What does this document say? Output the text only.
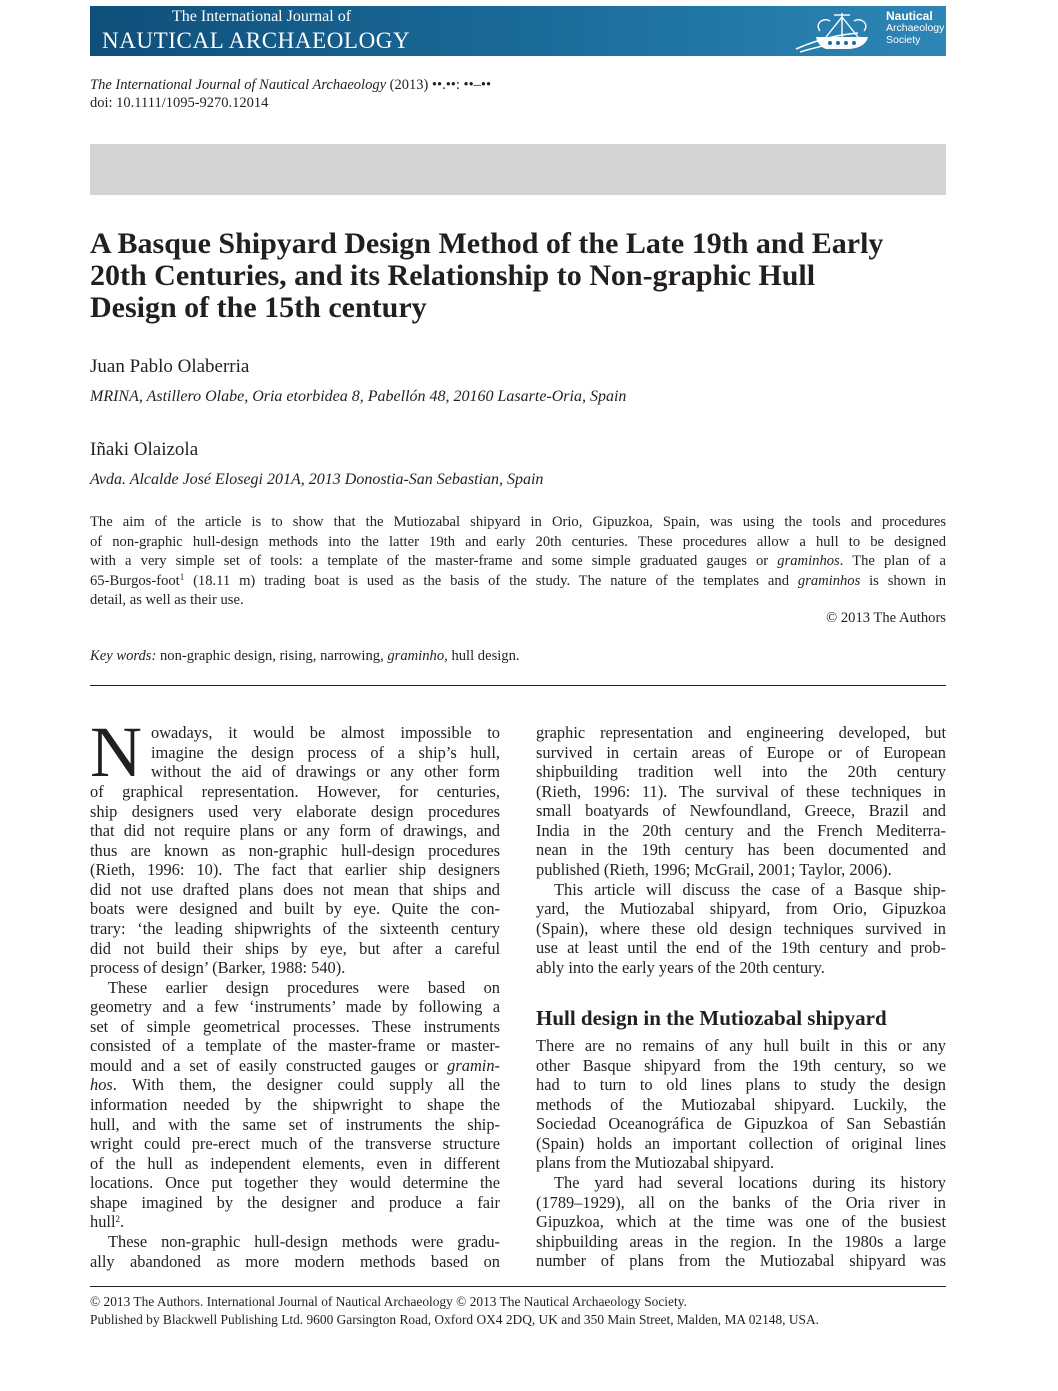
The International Journal of
NAUTICAL ARCHAEOLOGY
Nautical
Archaeology
Society
The International Journal of Nautical Archaeology (2013) ••.••: ••–••
doi: 10.1111/1095-9270.12014
A Basque Shipyard Design Method of the Late 19th and Early
20th Centuries, and its Relationship to Non-graphic Hull
Design of the 15th century
Juan Pablo Olaberria
MRINA, Astillero Olabe, Oria etorbidea 8, Pabellón 48, 20160 Lasarte-Oria, Spain
Iñaki Olaizola
Avda. Alcalde José Elosegi 201A, 2013 Donostia-San Sebastian, Spain
The aim of the article is to show that the Mutiozabal shipyard in Orio, Gipuzkoa, Spain, was using the tools and procedures
of non-graphic hull-design methods into the latter 19th and early 20th centuries. These procedures allow a hull to be designed
with a very simple set of tools: a template of the master-frame and some simple graduated gauges or graminhos. The plan of a
65-Burgos-foot$^1$ (18.11 m) trading boat is used as the basis of the study. The nature of the templates and graminhos is shown in
detail, as well as their use.
© 2013 The Authors
Key words: non-graphic design, rising, narrowing, graminho, hull design.
N owadays, it would be almost impossible to
imagine the design process of a ship’s hull,
without the aid of drawings or any other form
of graphical representation. However, for centuries,
ship designers used very elaborate design procedures
that did not require plans or any form of drawings, and
thus are known as non-graphic hull-design procedures
(Rieth, 1996: 10). The fact that earlier ship designers
did not use drafted plans does not mean that ships and
boats were designed and built by eye. Quite the con-
trary: ‘the leading shipwrights of the sixteenth century
did not build their ships by eye, but after a careful
process of design’ (Barker, 1988: 540).
These earlier design procedures were based on
geometry and a few ‘instruments’ made by following a
set of simple geometrical processes. These instruments
consisted of a template of the master-frame or master-
mould and a set of easily constructed gauges or gramin-
hos. With them, the designer could supply all the
information needed by the shipwright to shape the
hull, and with the same set of instruments the ship-
wright could pre-erect much of the transverse structure
of the hull as independent elements, even in different
locations. Once put together they would determine the
shape imagined by the designer and produce a fair
hull$^2$.
These non-graphic hull-design methods were gradu-
ally abandoned as more modern methods based on
graphic representation and engineering developed, but
survived in certain areas of Europe or of European
shipbuilding tradition well into the 20th century
(Rieth, 1996: 11). The survival of these techniques in
small boatyards of Newfoundland, Greece, Brazil and
India in the 20th century and the French Mediterra-
nean in the 19th century has been documented and
published (Rieth, 1996; McGrail, 2001; Taylor, 2006).
This article will discuss the case of a Basque ship-
yard, the Mutiozabal shipyard, from Orio, Gipuzkoa
(Spain), where these old design techniques survived in
use at least until the end of the 19th century and prob-
ably into the early years of the 20th century.
Hull design in the Mutiozabal shipyard
There are no remains of any hull built in this or any
other Basque shipyard from the 19th century, so we
had to turn to old lines plans to study the design
methods of the Mutiozabal shipyard. Luckily, the
Sociedad Oceanográfica de Gipuzkoa of San Sebastián
(Spain) holds an important collection of original lines
plans from the Mutiozabal shipyard.
The yard had several locations during its history
(1789–1929), all on the banks of the Oria river in
Gipuzkoa, which at the time was one of the busiest
shipbuilding areas in the region. In the 1980s a large
number of plans from the Mutiozabal shipyard was
© 2013 The Authors. International Journal of Nautical Archaeology © 2013 The Nautical Archaeology Society.
Published by Blackwell Publishing Ltd. 9600 Garsington Road, Oxford OX4 2DQ, UK and 350 Main Street, Malden, MA 02148, USA.
